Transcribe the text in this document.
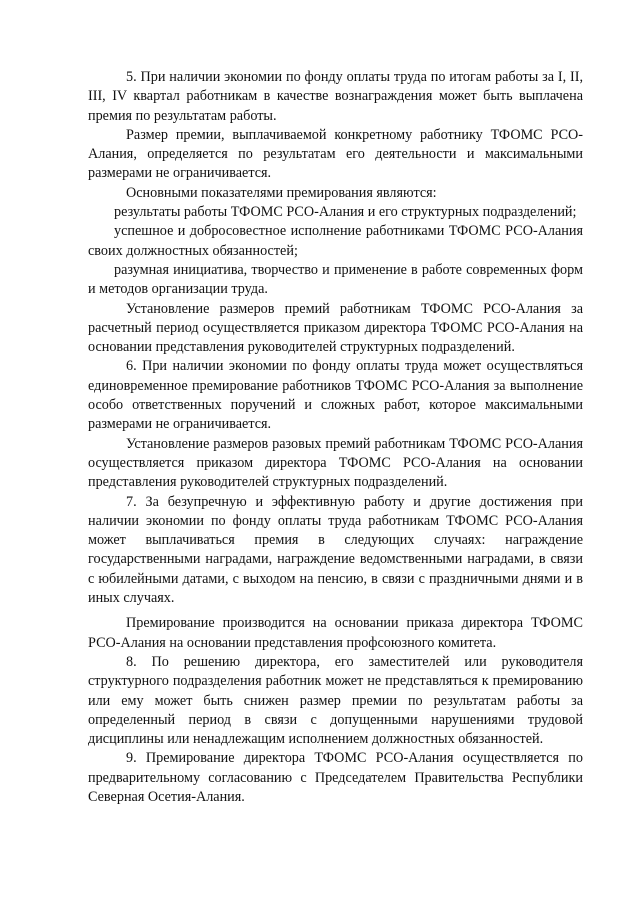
5. При наличии экономии по фонду оплаты труда по итогам работы за I, II, III, IV квартал работникам в качестве вознаграждения может быть выплачена премия по результатам работы.

Размер премии, выплачиваемой конкретному работнику ТФОМС РСО-Алания, определяется по результатам его деятельности и максимальными размерами не ограничивается.

Основными показателями премирования являются:

результаты работы ТФОМС РСО-Алания и его структурных подразделений;

успешное и добросовестное исполнение работниками ТФОМС РСО-Алания своих должностных обязанностей;

разумная инициатива, творчество и применение в работе современных форм и методов организации труда.

Установление размеров премий работникам ТФОМС РСО-Алания за расчетный период осуществляется приказом директора ТФОМС РСО-Алания на основании представления руководителей структурных подразделений.

6. При наличии экономии по фонду оплаты труда может осуществляться единовременное премирование работников ТФОМС РСО-Алания за выполнение особо ответственных поручений и сложных работ, которое максимальными размерами не ограничивается.

Установление размеров разовых премий работникам ТФОМС РСО-Алания осуществляется приказом директора ТФОМС РСО-Алания на основании представления руководителей структурных подразделений.

7. За безупречную и эффективную работу и другие достижения при наличии экономии по фонду оплаты труда работникам ТФОМС РСО-Алания может выплачиваться премия в следующих случаях: награждение государственными наградами, награждение ведомственными наградами, в связи с юбилейными датами, с выходом на пенсию, в связи с праздничными днями и в иных случаях.

Премирование производится на основании приказа директора ТФОМС РСО-Алания на основании представления профсоюзного комитета.

8. По решению директора, его заместителей или руководителя структурного подразделения работник может не представляться к премированию или ему может быть снижен размер премии по результатам работы за определенный период в связи с допущенными нарушениями трудовой дисциплины или ненадлежащим исполнением должностных обязанностей.

9. Премирование директора ТФОМС РСО-Алания осуществляется по предварительному согласованию с Председателем Правительства Республики Северная Осетия-Алания.
